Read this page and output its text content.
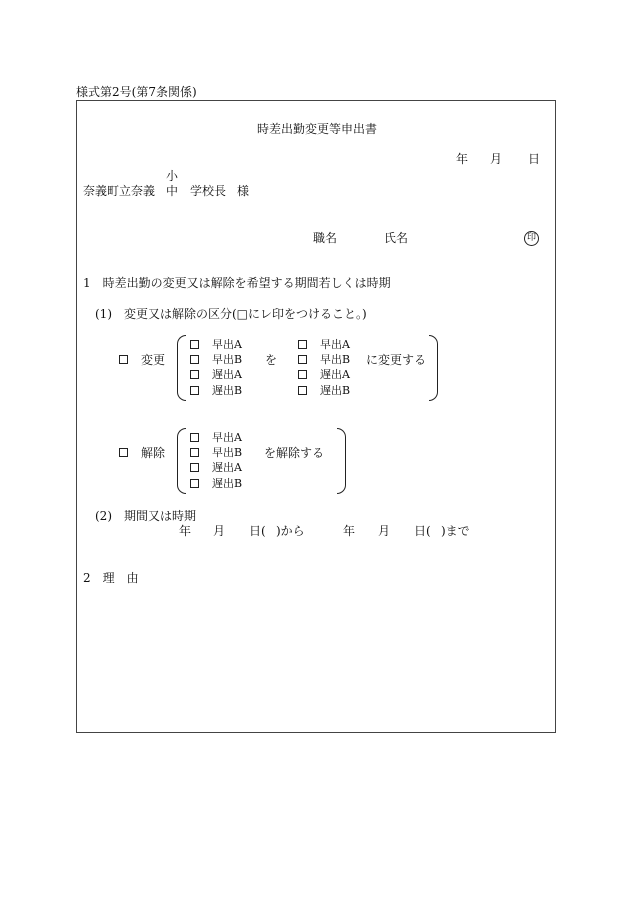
様式第2号(第7条関係)
時差出勤変更等申出書
年 月 日
小
奈義町立奈義 中 学校長 様
職名	氏名	印
1　時差出勤の変更又は解除を希望する期間若しくは時期
(1)　変更又は解除の区分(□にレ印をつけること。)
変更
早出A
早出B
遅出A
遅出B
を
早出A
早出B
遅出A
遅出B
に変更する
解除
早出A
早出B
遅出A
遅出B
を解除する
(2)　期間又は時期
年 月 日( )から	年 月 日( )まで
2　理　由
